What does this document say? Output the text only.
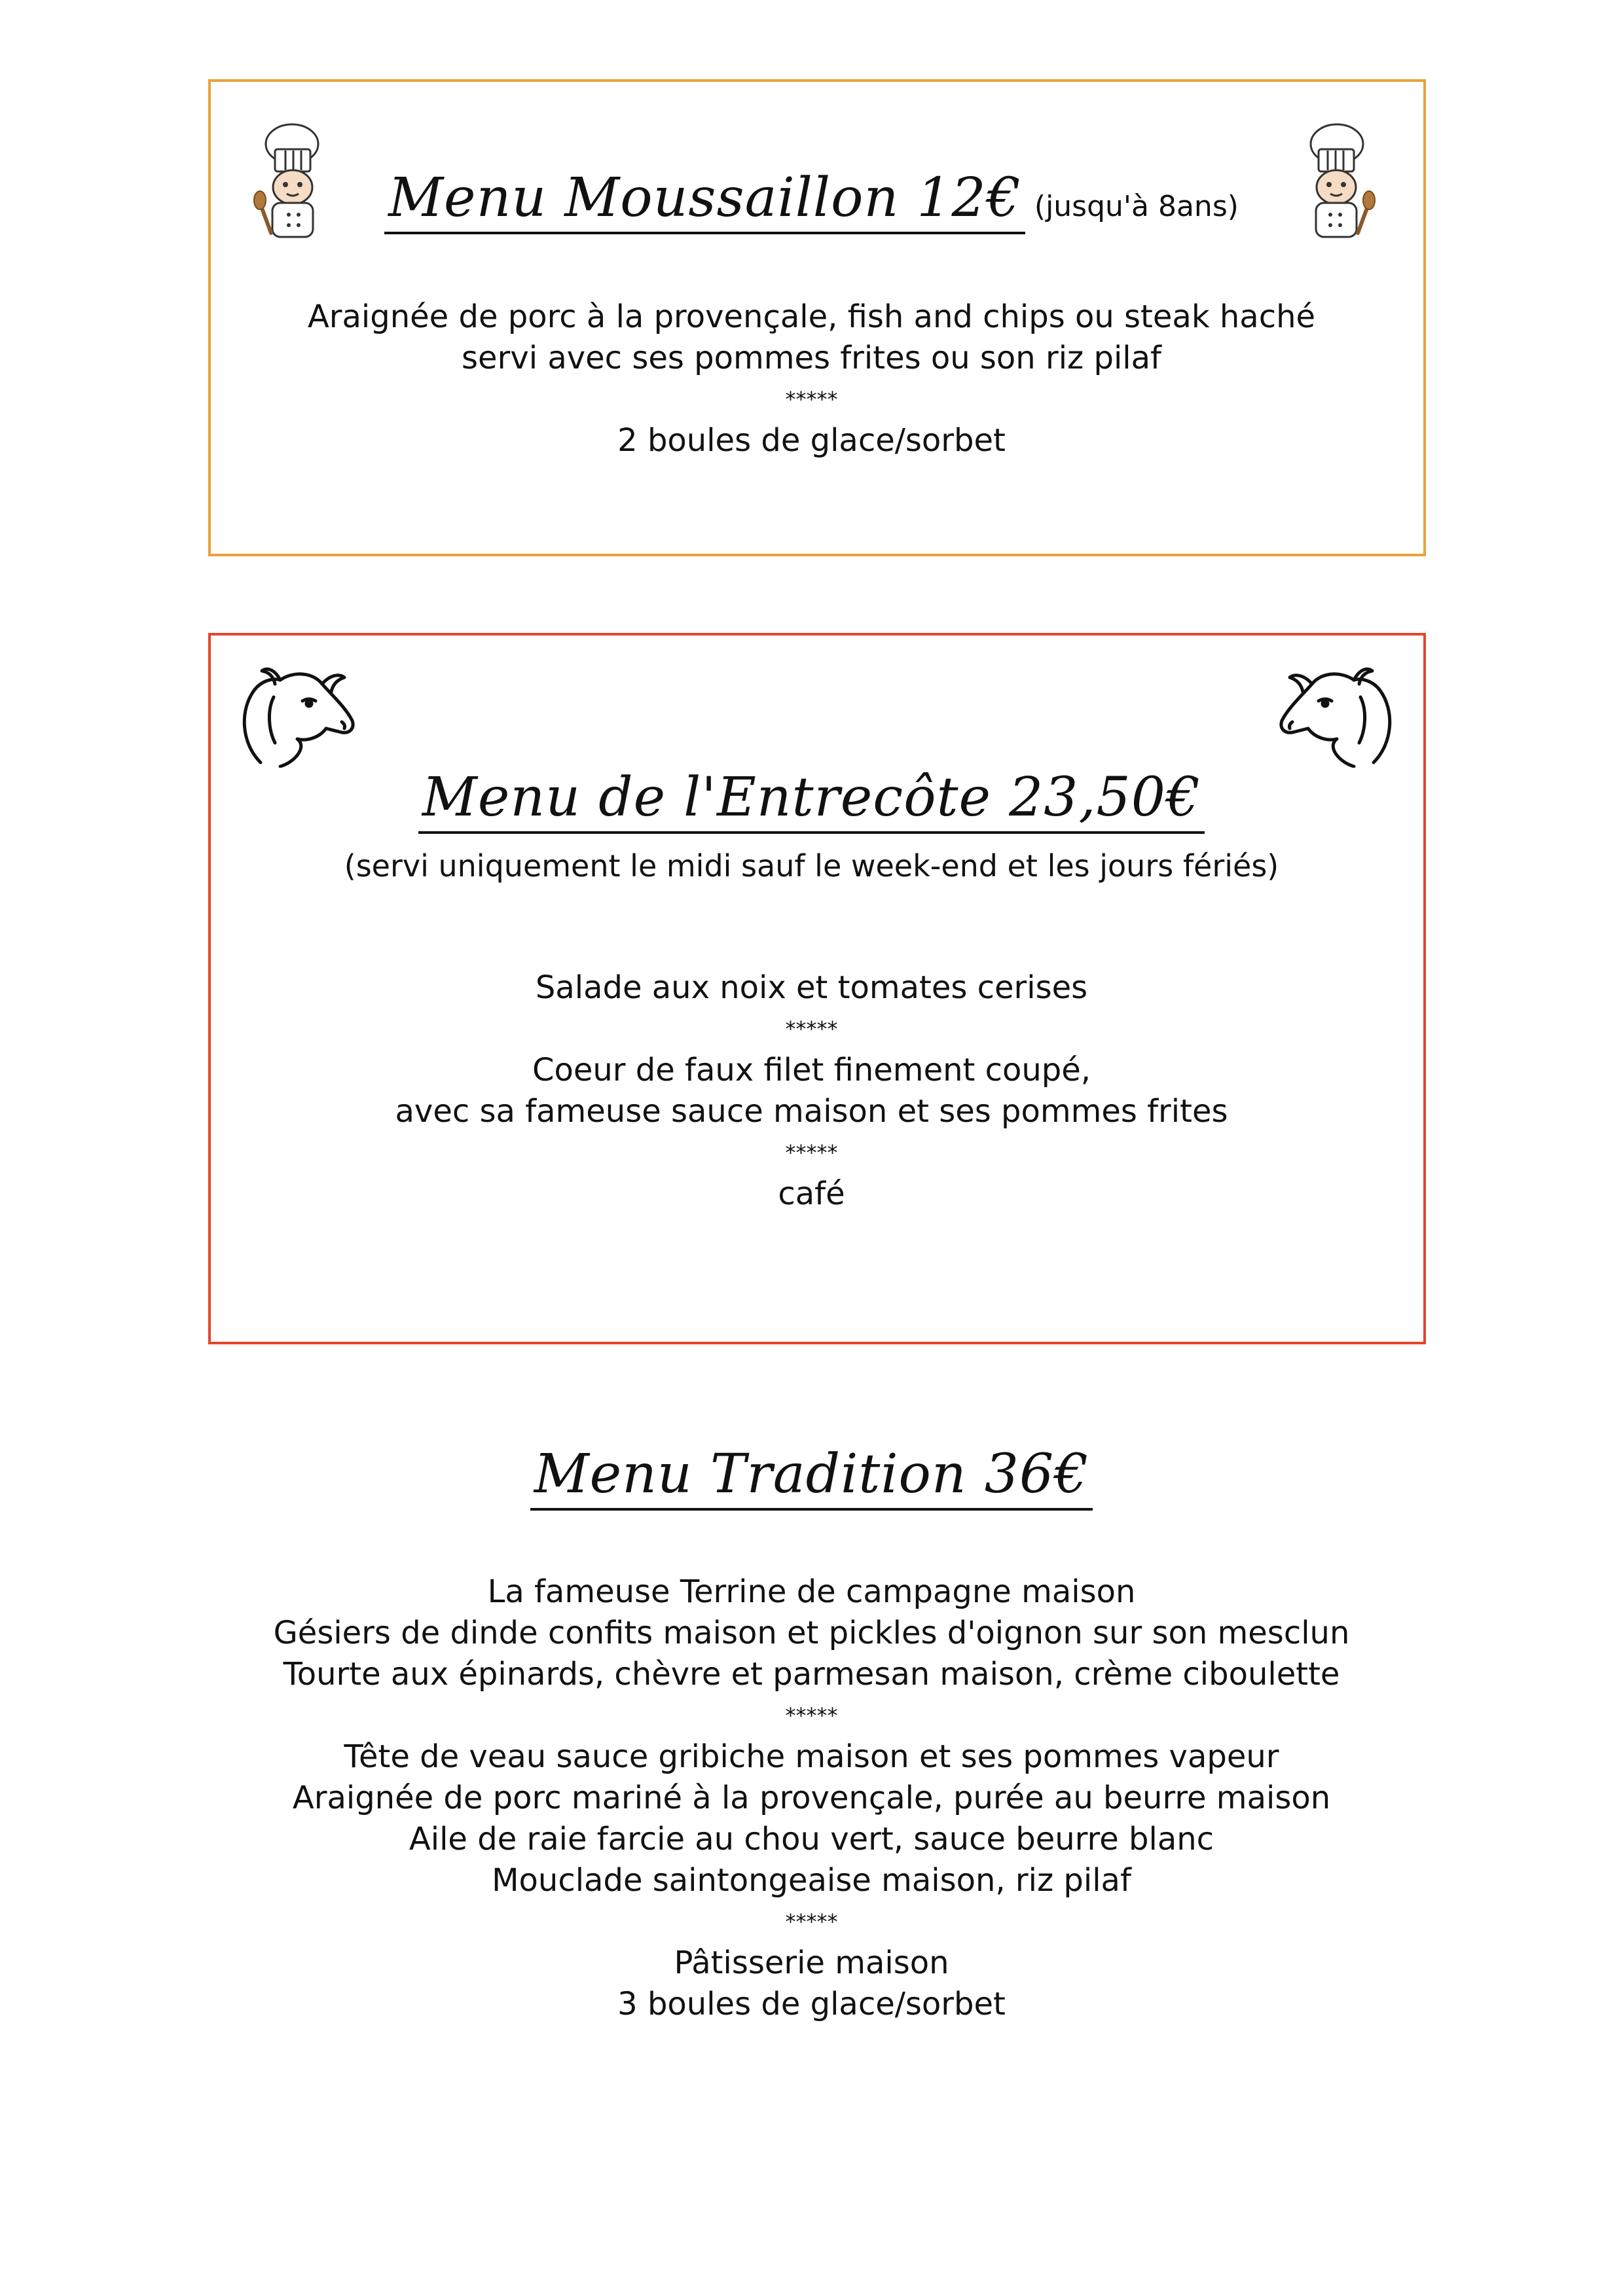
Menu Moussaillon 12€ (jusqu'à 8ans)
Araignée de porc à la provençale, fish and chips ou steak haché
servi avec ses pommes frites ou son riz pilaf
*****
2 boules de glace/sorbet
Menu de l'Entrecôte 23,50€
(servi uniquement le midi sauf le week-end et les jours fériés)
Salade aux noix et tomates cerises
*****
Coeur de faux filet finement coupé,
avec sa fameuse sauce maison et ses pommes frites
*****
café
Menu Tradition 36€
La fameuse Terrine de campagne maison
Gésiers de dinde confits maison et pickles d'oignon sur son mesclun
Tourte aux épinards, chèvre et parmesan maison, crème ciboulette
*****
Tête de veau sauce gribiche maison et ses pommes vapeur
Araignée de porc mariné à la provençale, purée au beurre maison
Aile de raie farcie au chou vert, sauce beurre blanc
Mouclade saintongeaise maison, riz pilaf
*****
Pâtisserie maison
3 boules de glace/sorbet
